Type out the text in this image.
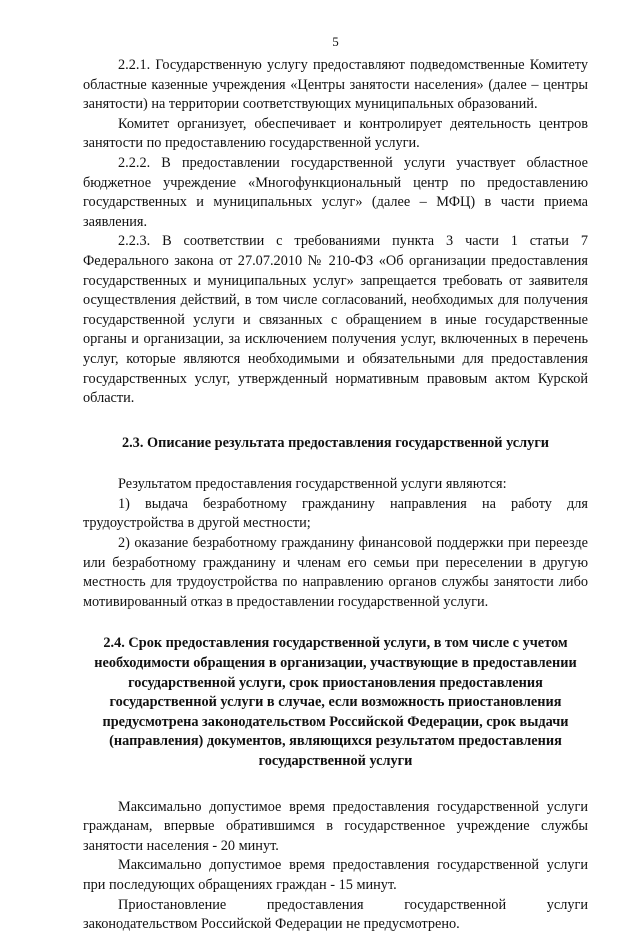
5

2.2.1. Государственную услугу предоставляют подведомственные Комитету областные казенные учреждения «Центры занятости населения» (далее – центры занятости) на территории соответствующих муниципальных образований.

Комитет организует, обеспечивает и контролирует деятельность центров занятости по предоставлению государственной услуги.

2.2.2. В предоставлении государственной услуги участвует областное бюджетное учреждение «Многофункциональный центр по предоставлению государственных и муниципальных услуг» (далее – МФЦ) в части приема заявления.

2.2.3. В соответствии с требованиями пункта 3 части 1 статьи 7 Федерального закона от 27.07.2010 № 210-ФЗ «Об организации предоставления государственных и муниципальных услуг» запрещается требовать от заявителя осуществления действий, в том числе согласований, необходимых для получения государственной услуги и связанных с обращением в иные государственные органы и организации, за исключением получения услуг, включенных в перечень услуг, которые являются необходимыми и обязательными для предоставления государственных услуг, утвержденный нормативным правовым актом Курской области.

2.3. Описание результата предоставления государственной услуги

Результатом предоставления государственной услуги являются:

1) выдача безработному гражданину направления на работу для трудоустройства в другой местности;

2) оказание безработному гражданину финансовой поддержки при переезде или безработному гражданину и членам его семьи при переселении в другую местность для трудоустройства по направлению органов службы занятости либо мотивированный отказ в предоставлении государственной услуги.

2.4. Срок предоставления государственной услуги, в том числе с учетом необходимости обращения в организации, участвующие в предоставлении государственной услуги, срок приостановления предоставления государственной услуги в случае, если возможность приостановления предусмотрена законодательством Российской Федерации, срок выдачи (направления) документов, являющихся результатом предоставления государственной услуги

Максимально допустимое время предоставления государственной услуги гражданам, впервые обратившимся в государственное учреждение службы занятости населения - 20 минут.

Максимально допустимое время предоставления государственной услуги при последующих обращениях граждан - 15 минут.

Приостановление предоставления государственной услуги законодательством Российской Федерации не предусмотрено.
